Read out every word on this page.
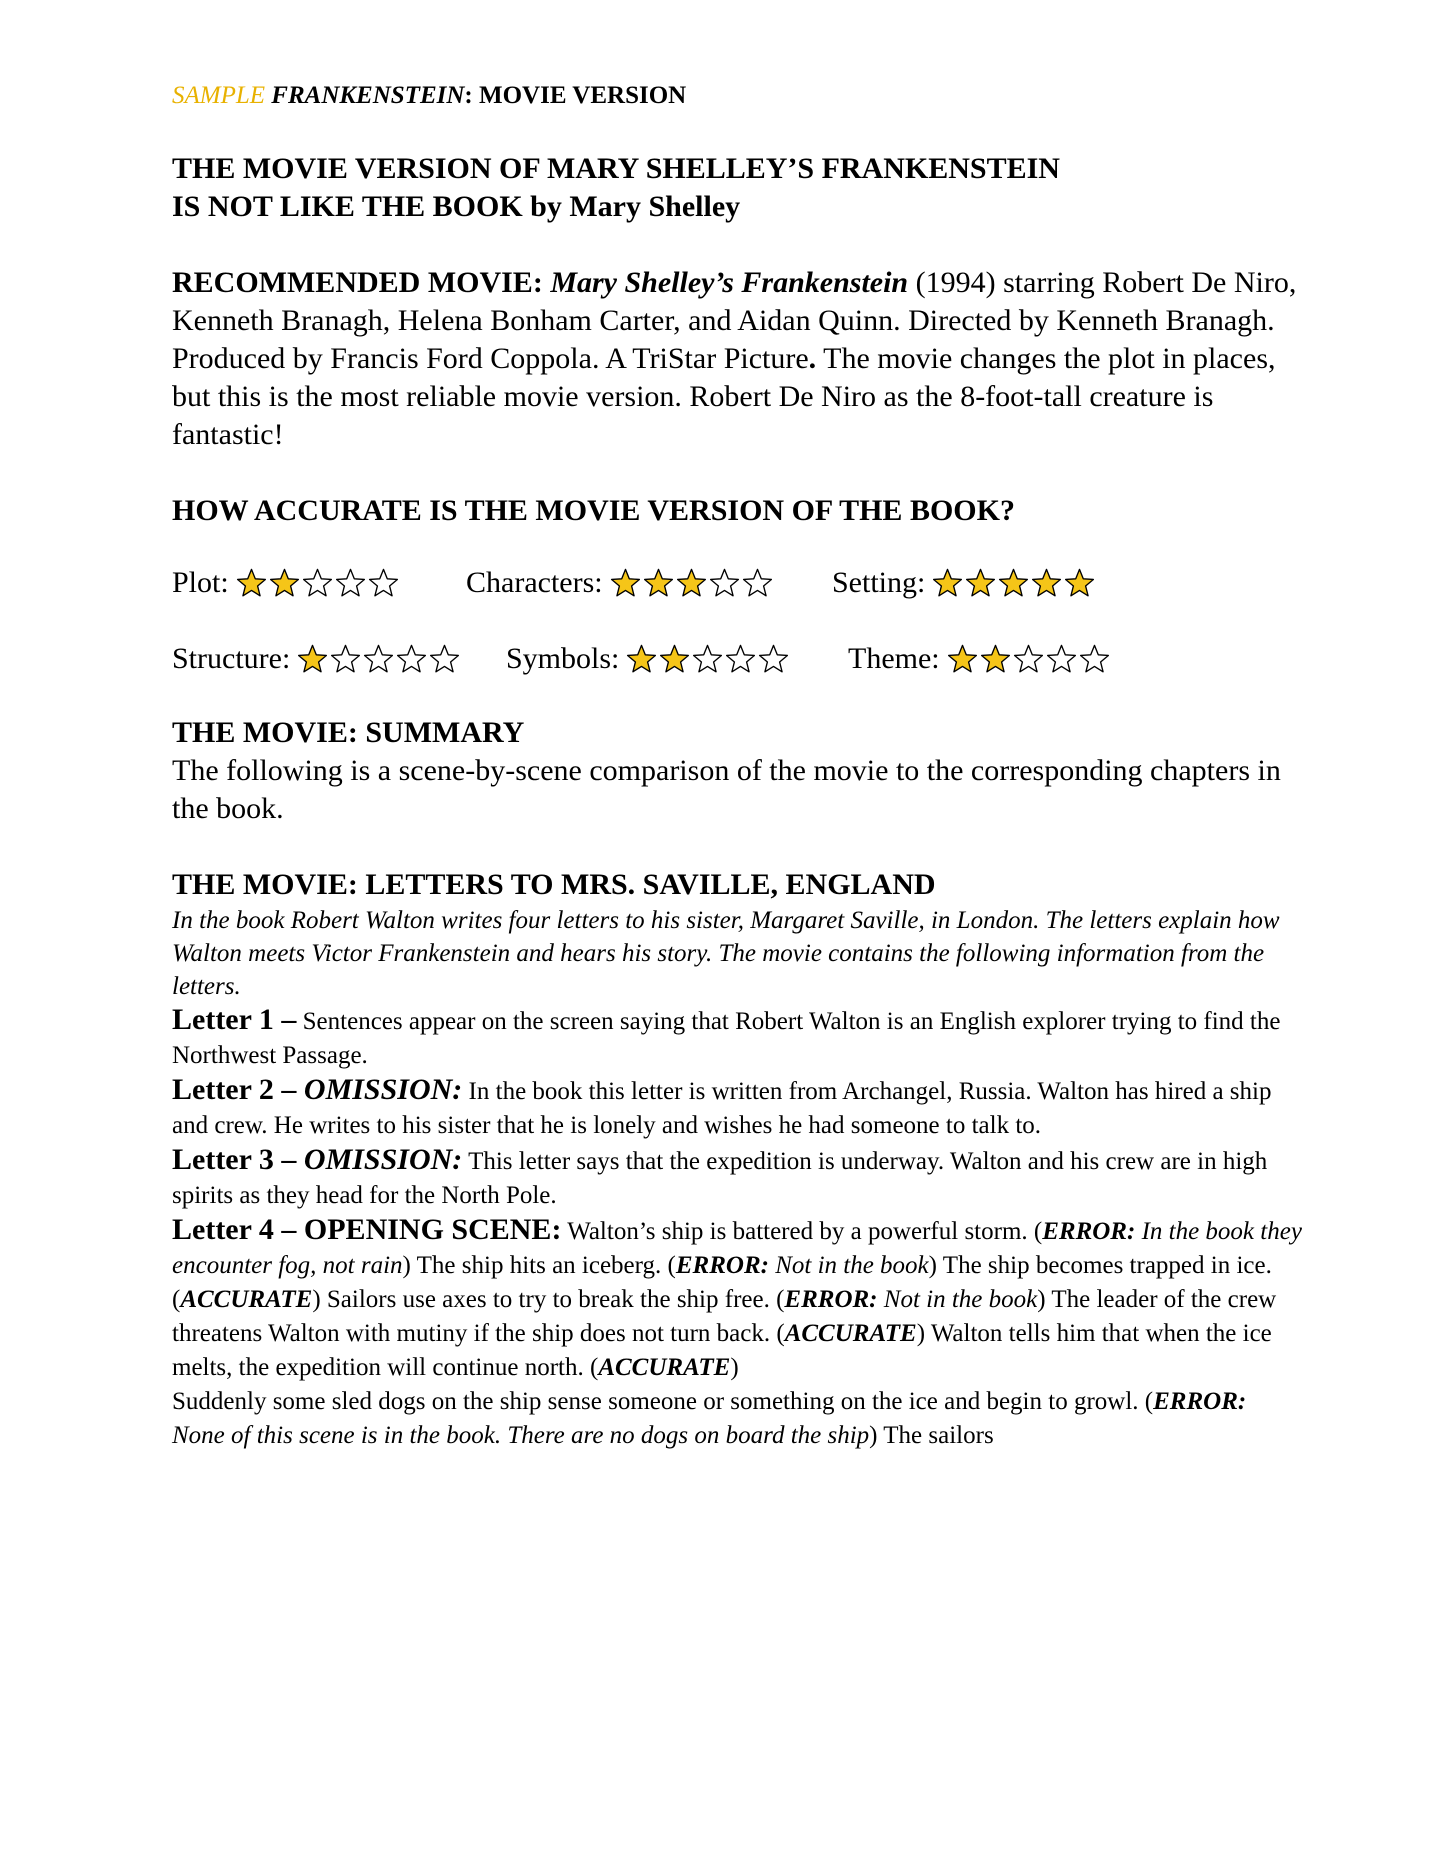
SAMPLE FRANKENSTEIN: MOVIE VERSION

THE MOVIE VERSION OF MARY SHELLEY’S FRANKENSTEIN
IS NOT LIKE THE BOOK by Mary Shelley

RECOMMENDED MOVIE: Mary Shelley’s Frankenstein (1994) starring Robert De Niro, Kenneth Branagh, Helena Bonham Carter, and Aidan Quinn. Directed by Kenneth Branagh. Produced by Francis Ford Coppola. A TriStar Picture. The movie changes the plot in places, but this is the most reliable movie version. Robert De Niro as the 8-foot-tall creature is fantastic!

HOW ACCURATE IS THE MOVIE VERSION OF THE BOOK?
Plot:	Characters:	Setting:
Structure:	Symbols:	Theme:
THE MOVIE: SUMMARY

The following is a scene-by-scene comparison of the movie to the corresponding chapters in the book.

THE MOVIE: LETTERS TO MRS. SAVILLE, ENGLAND

In the book Robert Walton writes four letters to his sister, Margaret Saville, in London. The letters explain how Walton meets Victor Frankenstein and hears his story. The movie contains the following information from the letters.

Letter 1 – Sentences appear on the screen saying that Robert Walton is an English explorer trying to find the Northwest Passage.

Letter 2 – OMISSION: In the book this letter is written from Archangel, Russia. Walton has hired a ship and crew. He writes to his sister that he is lonely and wishes he had someone to talk to.

Letter 3 – OMISSION: This letter says that the expedition is underway. Walton and his crew are in high spirits as they head for the North Pole.

Letter 4 – OPENING SCENE: Walton’s ship is battered by a powerful storm. (ERROR: In the book they encounter fog, not rain) The ship hits an iceberg. (ERROR: Not in the book) The ship becomes trapped in ice. (ACCURATE) Sailors use axes to try to break the ship free. (ERROR: Not in the book) The leader of the crew threatens Walton with mutiny if the ship does not turn back. (ACCURATE) Walton tells him that when the ice melts, the expedition will continue north. (ACCURATE)

Suddenly some sled dogs on the ship sense someone or something on the ice and begin to growl. (ERROR: None of this scene is in the book. There are no dogs on board the ship) The sailors
